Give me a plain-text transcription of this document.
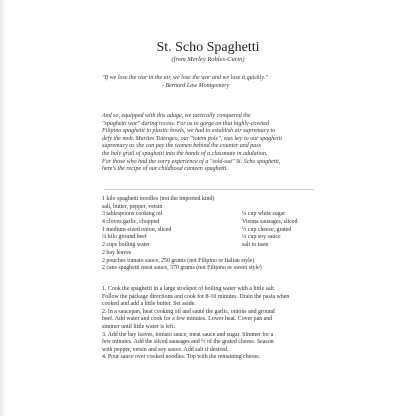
St. Scho Spaghetti
(from Merley Robles-Curin)
"If we lose the war in the air, we lose the war and we lose it quickly."
- Bernard Law Montgomery
And so, equipped with this adage, we tactically conquered the
"spaghetti war" during recess. For us to gorge on that highly-coveted
Filipino spaghetti in plastic bowls, we had to establish air supremacy to
defy the mob. Marites Totengco, our "totem pole", was key to our spaghetti
supremacy as she can pay the women behind the counter and pass
the holy grail of spaghetti into the hands of a classmate in adulation.
For those who had the sorry experience of a "sold-out" St. Scho spaghetti,
here's the recipe of our childhood canteen spaghetti.
1 kilo spaghetti noodles (not the imported kind)
salt, butter, pepper, vetsin
3 tablespoons cooking oil	¼ cup white sugar
4 cloves garlic, chopped	Vienna sausages, sliced
1 medium-sized onion, sliced	½ cup cheese, grated
¼ kilo ground beef	¼ cup soy sauce
2 cups boiling water	salt to taste
2 bay leaves
2 pouches tomato sauce, 250 grams (not Filipino or Italian style)
2 cans spaghetti meat sauce, 370 grams (not Filipino or sweet style)
1. Cook the spaghetti in a large stockpot of boiling water with a little salt.
Follow the package directions and cook for 8-10 minutes. Drain the pasta when
cooked and add a little butter. Set aside.
2. In a saucepan, heat cooking oil and sauté the garlic, onions and ground
beef. Add water and cook for a few minutes. Lower heat. Cover pan and
simmer until little water is left.
3. Add the bay leaves, tomato sauce, meat sauce and sugar. Simmer for a
few minutes. Add the sliced sausages and ½ of the grated cheese. Season
with pepper, vetsin and soy sauce. Add salt if desired.
4. Pour sauce over cooked noodles. Top with the remaining cheese.
